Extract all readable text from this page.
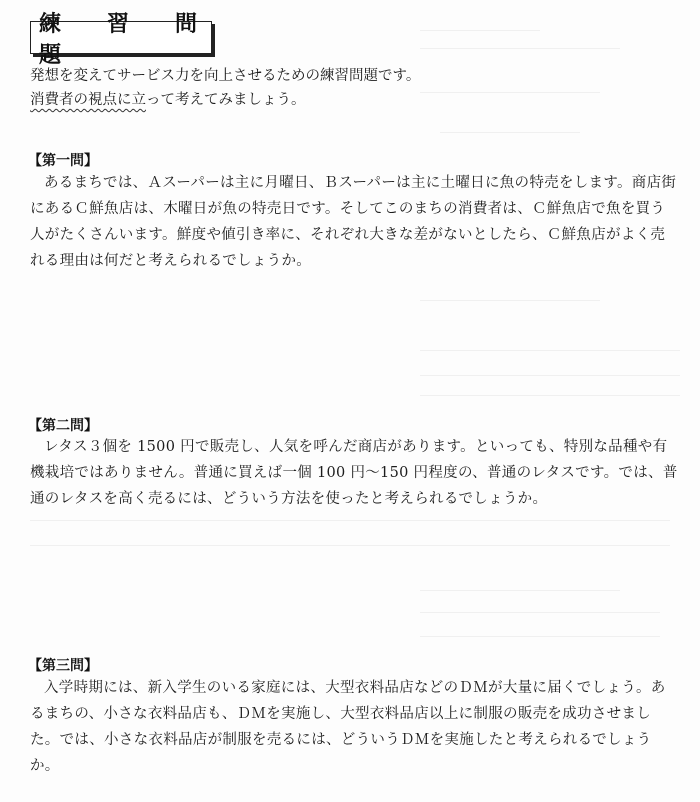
練　習　問　題
発想を変えてサービス力を向上させるための練習問題です。
消費者の視点に立って考えてみましょう。
【第一問】

あるまちでは、Ａスーパーは主に月曜日、Ｂスーパーは主に土曜日に魚の特売をします。商店街にあるＣ鮮魚店は、木曜日が魚の特売日です。そしてこのまちの消費者は、Ｃ鮮魚店で魚を買う人がたくさんいます。鮮度や値引き率に、それぞれ大きな差がないとしたら、Ｃ鮮魚店がよく売れる理由は何だと考えられるでしょうか。

【第二問】

レタス３個を 1500 円で販売し、人気を呼んだ商店があります。といっても、特別な品種や有機栽培ではありません。普通に買えば一個 100 円～150 円程度の、普通のレタスです。では、普通のレタスを高く売るには、どういう方法を使ったと考えられるでしょうか。

【第三問】

入学時期には、新入学生のいる家庭には、大型衣料品店などのＤＭが大量に届くでしょう。あるまちの、小さな衣料品店も、ＤＭを実施し、大型衣料品店以上に制服の販売を成功させました。では、小さな衣料品店が制服を売るには、どういうＤＭを実施したと考えられるでしょうか。
